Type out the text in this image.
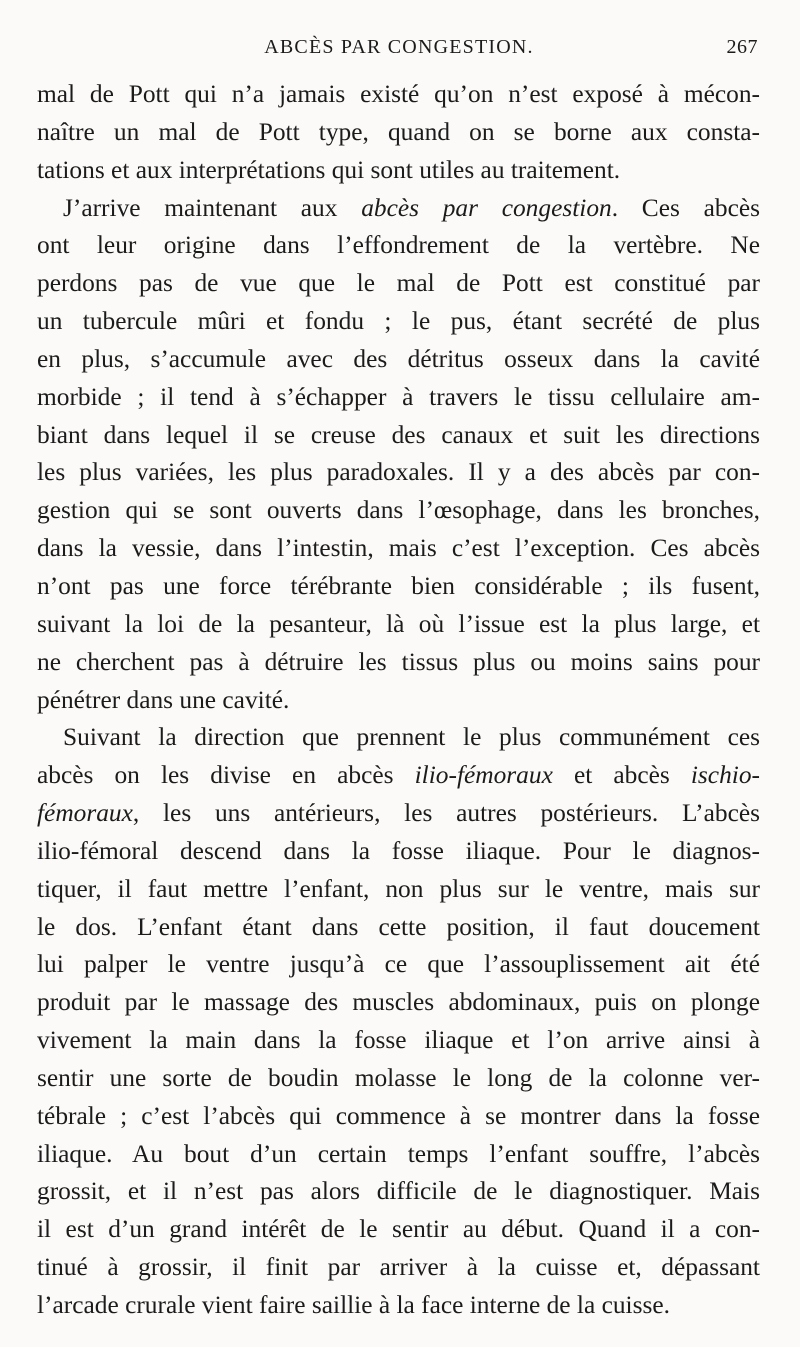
ABCÈS PAR CONGESTION.	267
mal de Pott qui n’a jamais existé qu’on n’est exposé à mécon-
naître un mal de Pott type, quand on se borne aux consta-
tations et aux interprétations qui sont utiles au traitement.
J’arrive maintenant aux abcès par congestion. Ces abcès
ont leur origine dans l’effondrement de la vertèbre. Ne
perdons pas de vue que le mal de Pott est constitué par
un tubercule mûri et fondu ; le pus, étant secrété de plus
en plus, s’accumule avec des détritus osseux dans la cavité
morbide ; il tend à s’échapper à travers le tissu cellulaire am-
biant dans lequel il se creuse des canaux et suit les directions
les plus variées, les plus paradoxales. Il y a des abcès par con-
gestion qui se sont ouverts dans l’œsophage, dans les bronches,
dans la vessie, dans l’intestin, mais c’est l’exception. Ces abcès
n’ont pas une force térébrante bien considérable ; ils fusent,
suivant la loi de la pesanteur, là où l’issue est la plus large, et
ne cherchent pas à détruire les tissus plus ou moins sains pour
pénétrer dans une cavité.
Suivant la direction que prennent le plus communément ces
abcès on les divise en abcès ilio-fémoraux et abcès ischio-
fémoraux, les uns antérieurs, les autres postérieurs. L’abcès
ilio-fémoral descend dans la fosse iliaque. Pour le diagnos-
tiquer, il faut mettre l’enfant, non plus sur le ventre, mais sur
le dos. L’enfant étant dans cette position, il faut doucement
lui palper le ventre jusqu’à ce que l’assouplissement ait été
produit par le massage des muscles abdominaux, puis on plonge
vivement la main dans la fosse iliaque et l’on arrive ainsi à
sentir une sorte de boudin molasse le long de la colonne ver-
tébrale ; c’est l’abcès qui commence à se montrer dans la fosse
iliaque. Au bout d’un certain temps l’enfant souffre, l’abcès
grossit, et il n’est pas alors difficile de le diagnostiquer. Mais
il est d’un grand intérêt de le sentir au début. Quand il a con-
tinué à grossir, il finit par arriver à la cuisse et, dépassant
l’arcade crurale vient faire saillie à la face interne de la cuisse.
